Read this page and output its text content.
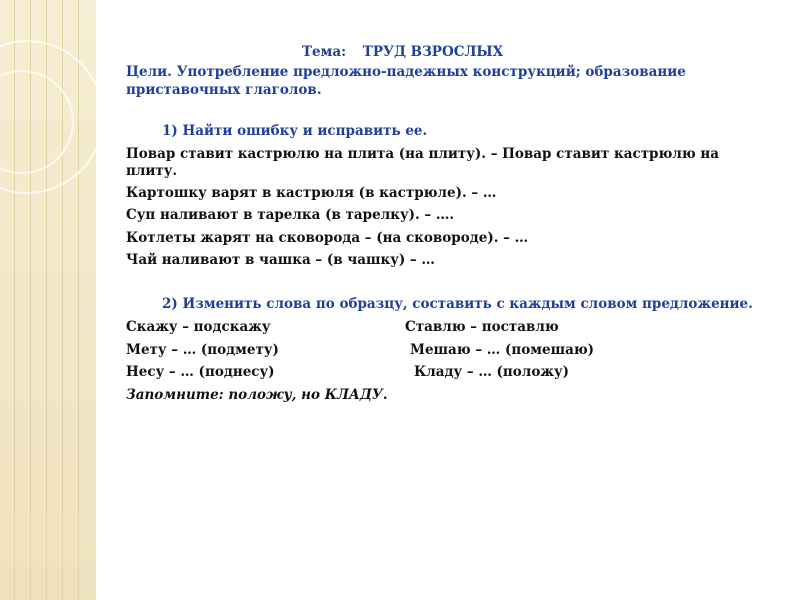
Тема: ТРУД ВЗРОСЛЫХ
Цели. Употребление предложно-падежных конструкций; образование
приставочных глаголов.
1) Найти ошибку и исправить ее.
Повар ставит кастрюлю на плита (на плиту). – Повар ставит кастрюлю на
плиту.
Картошку варят в кастрюля (в кастрюле). – …
Суп наливают в тарелка (в тарелку). – ….
Котлеты жарят на сковорода – (на сковороде). – …
Чай наливают в чашка – (в чашку) – …
2) Изменить слова по образцу, составить с каждым словом предложение.
Скажу – подскажу
Мету – … (подмету)
Несу – … (поднесу)
Ставлю – поставлю
Мешаю – … (помешаю)
Кладу – … (положу)
Запомните: положу, но КЛАДУ.
